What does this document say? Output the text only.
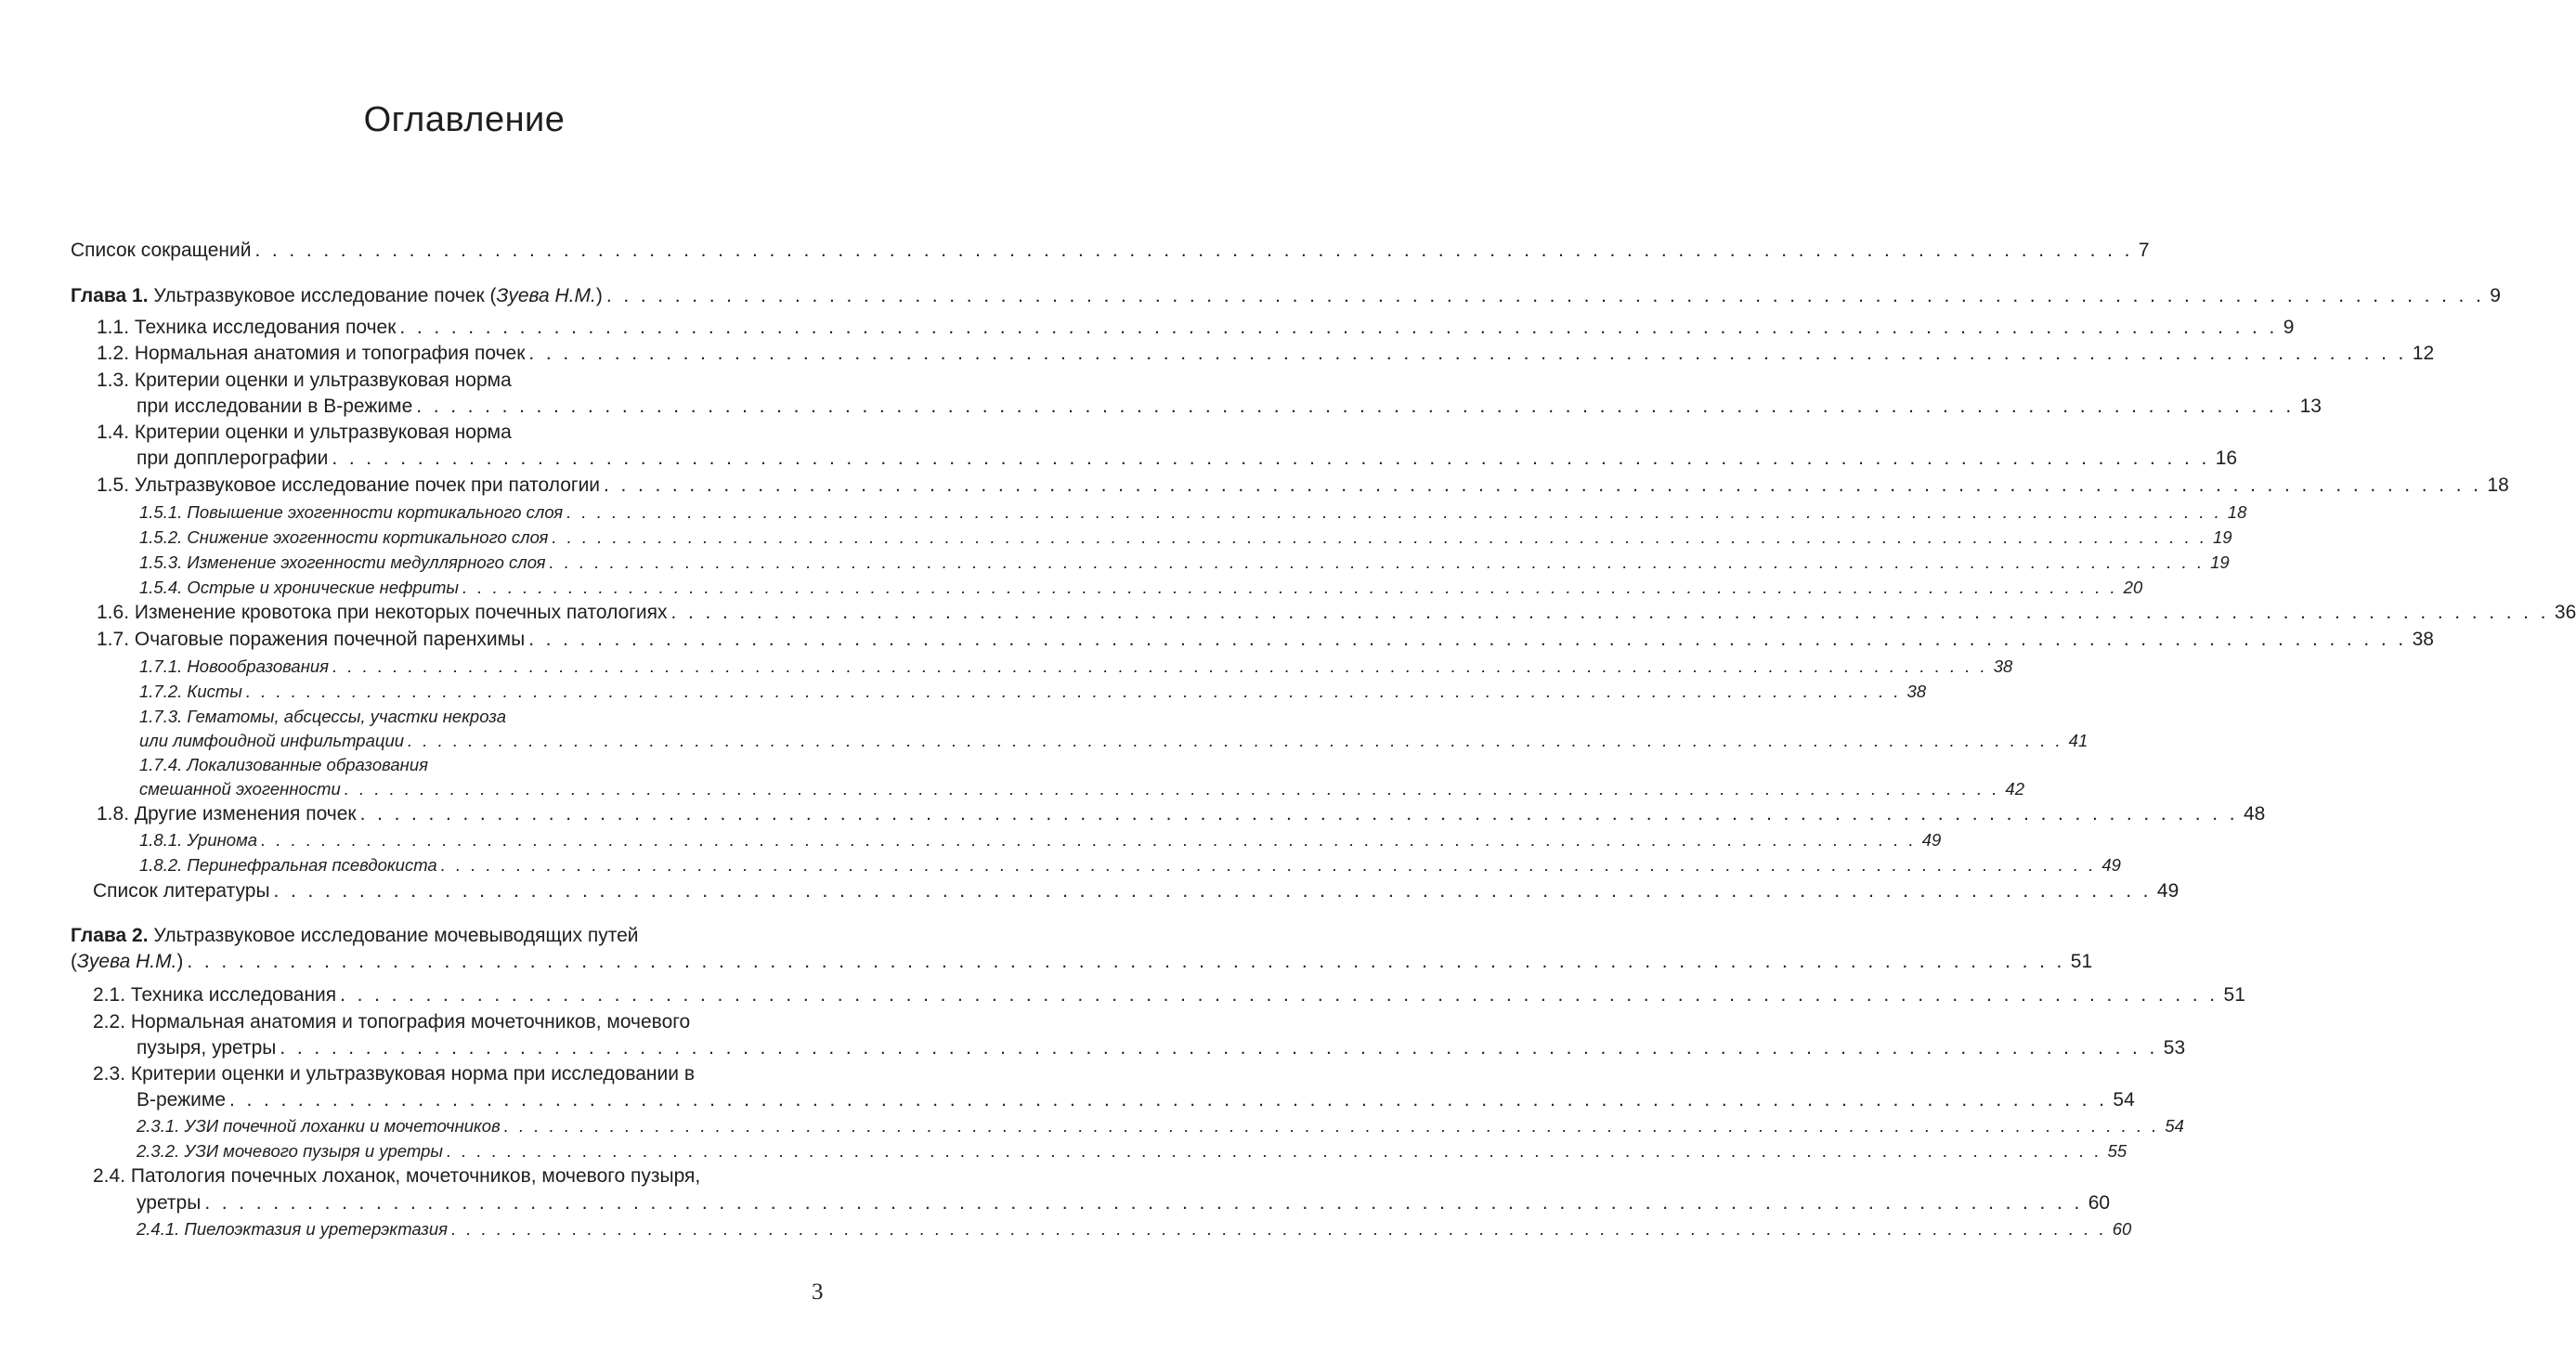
Оглавление
Список сокращений . . . . . . . . . . . . . . . . . . . . . . . . . . . . . . . . . . . . . . . . . . . . . . . . . . . . . . . . . . . . . . . . . . . . . . . . . . . . . . . . . . . . . . . . . . . . . . . . . . . . . . . . . . . . . . 7
Глава 1. Ультразвуковое исследование почек (Зуева Н.М.) . . . . . . . . . . . . . . . . . . . . . . . . . . . . . . . . . . . . . . . . . . . . . . . . . . . . . . . . . . . . . . . . . . . . . . . . . . . . . . . . . . . . . . . . . . . . . . . . . . . . . . . . . . . . . . 9
1.1. Техника исследования почек . . . . . . . . . . . . . . . . . . . . . . . . . . . . . . . . . . . . . . . . . . . . . . . . . . . . . . . . . . . . . . . . . . . . . . . . . . . . . . . . . . . . . . . . . . . . . . . . . . . . . . . . . . . . . . 9
1.2. Нормальная анатомия и топография почек . . . . . . . . . . . . . . . . . . . . . . . . . . . . . . . . . . . . . . . . . . . . . . . . . . . . . . . . . . . . . . . . . . . . . . . . . . . . . . . . . . . . . . . . . . . . . . . . . . . . . . . . . . . . . . 12
1.3. Критерии оценки и ультразвуковая норма
при исследовании в В-режиме . . . . . . . . . . . . . . . . . . . . . . . . . . . . . . . . . . . . . . . . . . . . . . . . . . . . . . . . . . . . . . . . . . . . . . . . . . . . . . . . . . . . . . . . . . . . . . . . . . . . . . . . . . . . . . 13
1.4. Критерии оценки и ультразвуковая норма
при допплерографии . . . . . . . . . . . . . . . . . . . . . . . . . . . . . . . . . . . . . . . . . . . . . . . . . . . . . . . . . . . . . . . . . . . . . . . . . . . . . . . . . . . . . . . . . . . . . . . . . . . . . . . . . . . . . . 16
1.5. Ультразвуковое исследование почек при патологии . . . . . . . . . . . . . . . . . . . . . . . . . . . . . . . . . . . . . . . . . . . . . . . . . . . . . . . . . . . . . . . . . . . . . . . . . . . . . . . . . . . . . . . . . . . . . . . . . . . . . . . . . . . . . . 18
1.5.1. Повышение эхогенности кортикального слоя . . . . . . . . . . . . . . . . . . . . . . . . . . . . . . . . . . . . . . . . . . . . . . . . . . . . . . . . . . . . . . . . . . . . . . . . . . . . . . . . . . . . . . . . . . . . . . . . . . . . . . . . . . . . . . 18
1.5.2. Снижение эхогенности кортикального слоя . . . . . . . . . . . . . . . . . . . . . . . . . . . . . . . . . . . . . . . . . . . . . . . . . . . . . . . . . . . . . . . . . . . . . . . . . . . . . . . . . . . . . . . . . . . . . . . . . . . . . . . . . . . . . . 19
1.5.3. Изменение эхогенности медуллярного слоя . . . . . . . . . . . . . . . . . . . . . . . . . . . . . . . . . . . . . . . . . . . . . . . . . . . . . . . . . . . . . . . . . . . . . . . . . . . . . . . . . . . . . . . . . . . . . . . . . . . . . . . . . . . . . . 19
1.5.4. Острые и хронические нефриты . . . . . . . . . . . . . . . . . . . . . . . . . . . . . . . . . . . . . . . . . . . . . . . . . . . . . . . . . . . . . . . . . . . . . . . . . . . . . . . . . . . . . . . . . . . . . . . . . . . . . . . . . . . . . . 20
1.6. Изменение кровотока при некоторых почечных патологиях . . . . . . . . . . . . . . . . . . . . . . . . . . . . . . . . . . . . . . . . . . . . . . . . . . . . . . . . . . . . . . . . . . . . . . . . . . . . . . . . . . . . . . . . . . . . . . . . . . . . . . . . . . . . . . 36
1.7. Очаговые поражения почечной паренхимы . . . . . . . . . . . . . . . . . . . . . . . . . . . . . . . . . . . . . . . . . . . . . . . . . . . . . . . . . . . . . . . . . . . . . . . . . . . . . . . . . . . . . . . . . . . . . . . . . . . . . . . . . . . . . . 38
1.7.1. Новообразования . . . . . . . . . . . . . . . . . . . . . . . . . . . . . . . . . . . . . . . . . . . . . . . . . . . . . . . . . . . . . . . . . . . . . . . . . . . . . . . . . . . . . . . . . . . . . . . . . . . . . . . . . . . . . . 38
1.7.2. Кисты . . . . . . . . . . . . . . . . . . . . . . . . . . . . . . . . . . . . . . . . . . . . . . . . . . . . . . . . . . . . . . . . . . . . . . . . . . . . . . . . . . . . . . . . . . . . . . . . . . . . . . . . . . . . . . 38
1.7.3. Гематомы, абсцессы, участки некроза
или лимфоидной инфильтрации . . . . . . . . . . . . . . . . . . . . . . . . . . . . . . . . . . . . . . . . . . . . . . . . . . . . . . . . . . . . . . . . . . . . . . . . . . . . . . . . . . . . . . . . . . . . . . . . . . . . . . . . . . . . . . 41
1.7.4. Локализованные образования
смешанной эхогенности . . . . . . . . . . . . . . . . . . . . . . . . . . . . . . . . . . . . . . . . . . . . . . . . . . . . . . . . . . . . . . . . . . . . . . . . . . . . . . . . . . . . . . . . . . . . . . . . . . . . . . . . . . . . . . 42
1.8. Другие изменения почек . . . . . . . . . . . . . . . . . . . . . . . . . . . . . . . . . . . . . . . . . . . . . . . . . . . . . . . . . . . . . . . . . . . . . . . . . . . . . . . . . . . . . . . . . . . . . . . . . . . . . . . . . . . . . . 48
1.8.1. Уринома . . . . . . . . . . . . . . . . . . . . . . . . . . . . . . . . . . . . . . . . . . . . . . . . . . . . . . . . . . . . . . . . . . . . . . . . . . . . . . . . . . . . . . . . . . . . . . . . . . . . . . . . . . . . . . 49
1.8.2. Перинефральная псевдокиста . . . . . . . . . . . . . . . . . . . . . . . . . . . . . . . . . . . . . . . . . . . . . . . . . . . . . . . . . . . . . . . . . . . . . . . . . . . . . . . . . . . . . . . . . . . . . . . . . . . . . . . . . . . . . . 49
Список литературы . . . . . . . . . . . . . . . . . . . . . . . . . . . . . . . . . . . . . . . . . . . . . . . . . . . . . . . . . . . . . . . . . . . . . . . . . . . . . . . . . . . . . . . . . . . . . . . . . . . . . . . . . . . . . . 49
Глава 2. Ультразвуковое исследование мочевыводящих путей
(Зуева Н.М.) . . . . . . . . . . . . . . . . . . . . . . . . . . . . . . . . . . . . . . . . . . . . . . . . . . . . . . . . . . . . . . . . . . . . . . . . . . . . . . . . . . . . . . . . . . . . . . . . . . . . . . . . . . . . . . 51
2.1. Техника исследования . . . . . . . . . . . . . . . . . . . . . . . . . . . . . . . . . . . . . . . . . . . . . . . . . . . . . . . . . . . . . . . . . . . . . . . . . . . . . . . . . . . . . . . . . . . . . . . . . . . . . . . . . . . . . . 51
2.2. Нормальная анатомия и топография мочеточников, мочевого
пузыря, уретры . . . . . . . . . . . . . . . . . . . . . . . . . . . . . . . . . . . . . . . . . . . . . . . . . . . . . . . . . . . . . . . . . . . . . . . . . . . . . . . . . . . . . . . . . . . . . . . . . . . . . . . . . . . . . . 53
2.3. Критерии оценки и ультразвуковая норма при исследовании в
В-режиме . . . . . . . . . . . . . . . . . . . . . . . . . . . . . . . . . . . . . . . . . . . . . . . . . . . . . . . . . . . . . . . . . . . . . . . . . . . . . . . . . . . . . . . . . . . . . . . . . . . . . . . . . . . . . . 54
2.3.1. УЗИ почечной лоханки и мочеточников . . . . . . . . . . . . . . . . . . . . . . . . . . . . . . . . . . . . . . . . . . . . . . . . . . . . . . . . . . . . . . . . . . . . . . . . . . . . . . . . . . . . . . . . . . . . . . . . . . . . . . . . . . . . . . 54
2.3.2. УЗИ мочевого пузыря и уретры . . . . . . . . . . . . . . . . . . . . . . . . . . . . . . . . . . . . . . . . . . . . . . . . . . . . . . . . . . . . . . . . . . . . . . . . . . . . . . . . . . . . . . . . . . . . . . . . . . . . . . . . . . . . . . 55
2.4. Патология почечных лоханок, мочеточников, мочевого пузыря,
уретры . . . . . . . . . . . . . . . . . . . . . . . . . . . . . . . . . . . . . . . . . . . . . . . . . . . . . . . . . . . . . . . . . . . . . . . . . . . . . . . . . . . . . . . . . . . . . . . . . . . . . . . . . . . . . . 60
2.4.1. Пиелоэктазия и уретерэктазия . . . . . . . . . . . . . . . . . . . . . . . . . . . . . . . . . . . . . . . . . . . . . . . . . . . . . . . . . . . . . . . . . . . . . . . . . . . . . . . . . . . . . . . . . . . . . . . . . . . . . . . . . . . . . . 60
3
